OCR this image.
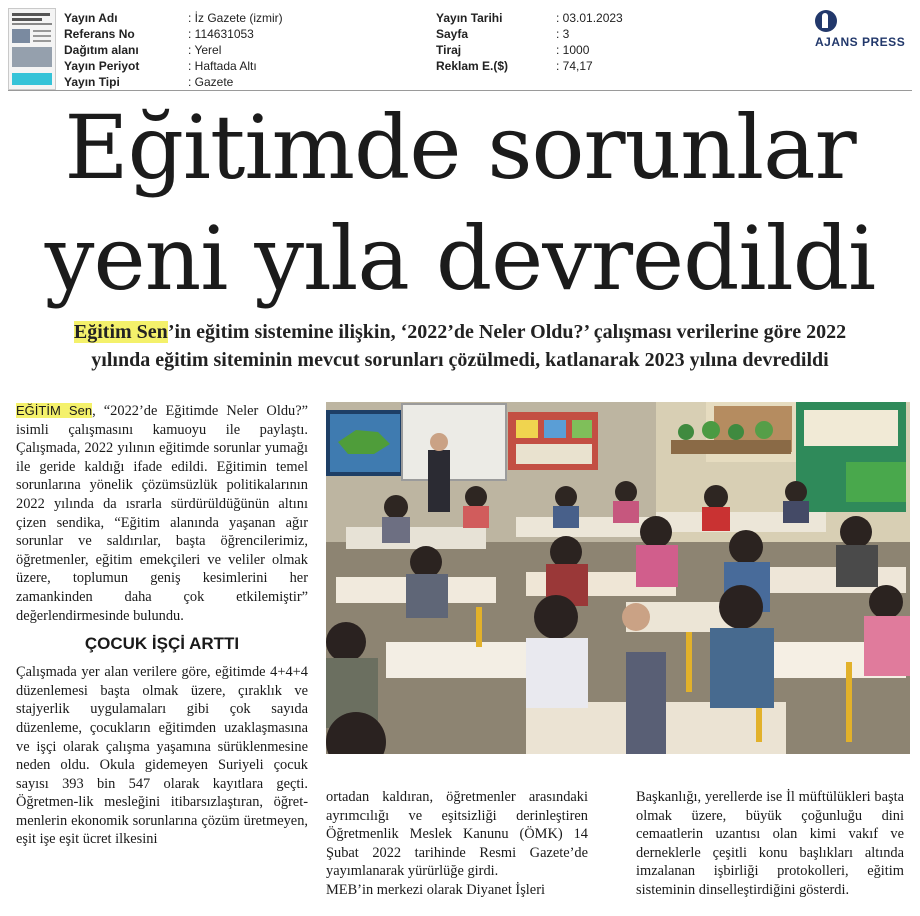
Yayın Adı	: İz Gazete (izmir)
Referans No	: 114631053
Dağıtım alanı	: Yerel
Yayın Periyot	: Haftada Altı
Yayın Tipi	: Gazete
Yayın Tarihi	: 03.01.2023
Sayfa	: 3
Tiraj	: 1000
Reklam E.($)	: 74,17
AJANS PRESS
Eğitimde sorunlar
yeni yıla devredildi
Eğitim Sen’in eğitim sistemine ilişkin, ‘2022’de Neler Oldu?’ çalışması verilerine göre 2022
yılında eğitim siteminin mevcut sorunları çözülmedi, katlanarak 2023 yılına devredildi

EĞİTİM Sen, “2022’de Eğitimde Neler Oldu?” isimli çalışmasını kamuoyu ile paylaştı. Çalışmada, 2022 yılının eğitimde sorunlar yumağı ile geride kaldığı ifade edildi. Eğitimin temel sorunlarına yönelik çözümsüzlük politikalarının 2022 yılında da ısrarla sürdürüldüğünün altını çizen sendika, “Eğitim alanında yaşanan ağır sorunlar ve saldırılar, başta öğrencilerimiz, öğretmenler, eğitim emekçileri ve veliler olmak üzere, toplumun geniş kesimlerini her zamankinden daha çok etkilemiştir” değerlendirmesinde bulundu.

ÇOCUK İŞÇİ ARTTI

Çalışmada yer alan verilere göre, eğitimde 4+4+4 düzenlemesi başta olmak üzere, çıraklık ve stajyerlik uygulamaları gibi çok sayıda düzenleme, çocukların eğitimden uzaklaşmasına ve işçi olarak çalışma yaşamına sürüklenmesine neden oldu. Okula gidemeyen Suriyeli çocuk sayısı 393 bin 547 olarak kayıtlara geçti. Öğretmen-lik mesleğini itibarsızlaştıran, öğret-menlerin ekonomik sorunlarına çözüm üretmeyen, eşit işe eşit ücret ilkesini

ortadan kaldıran, öğretmenler arasındaki ayrımcılığı ve eşitsizliği derinleştiren Öğretmenlik Meslek Kanunu (ÖMK) 14 Şubat 2022 tarihinde Resmi Gazete’de yayımlanarak yürürlüğe girdi.

MEB’in merkezi olarak Diyanet İşleri

Başkanlığı, yerellerde ise İl müftülükleri başta olmak üzere, büyük çoğunluğu dini cemaatlerin uzantısı olan kimi vakıf ve derneklerle çeşitli konu başlıkları altında imzalanan işbirliği protokolleri, eğitim sisteminin dinselleştirdiğini gösterdi.
